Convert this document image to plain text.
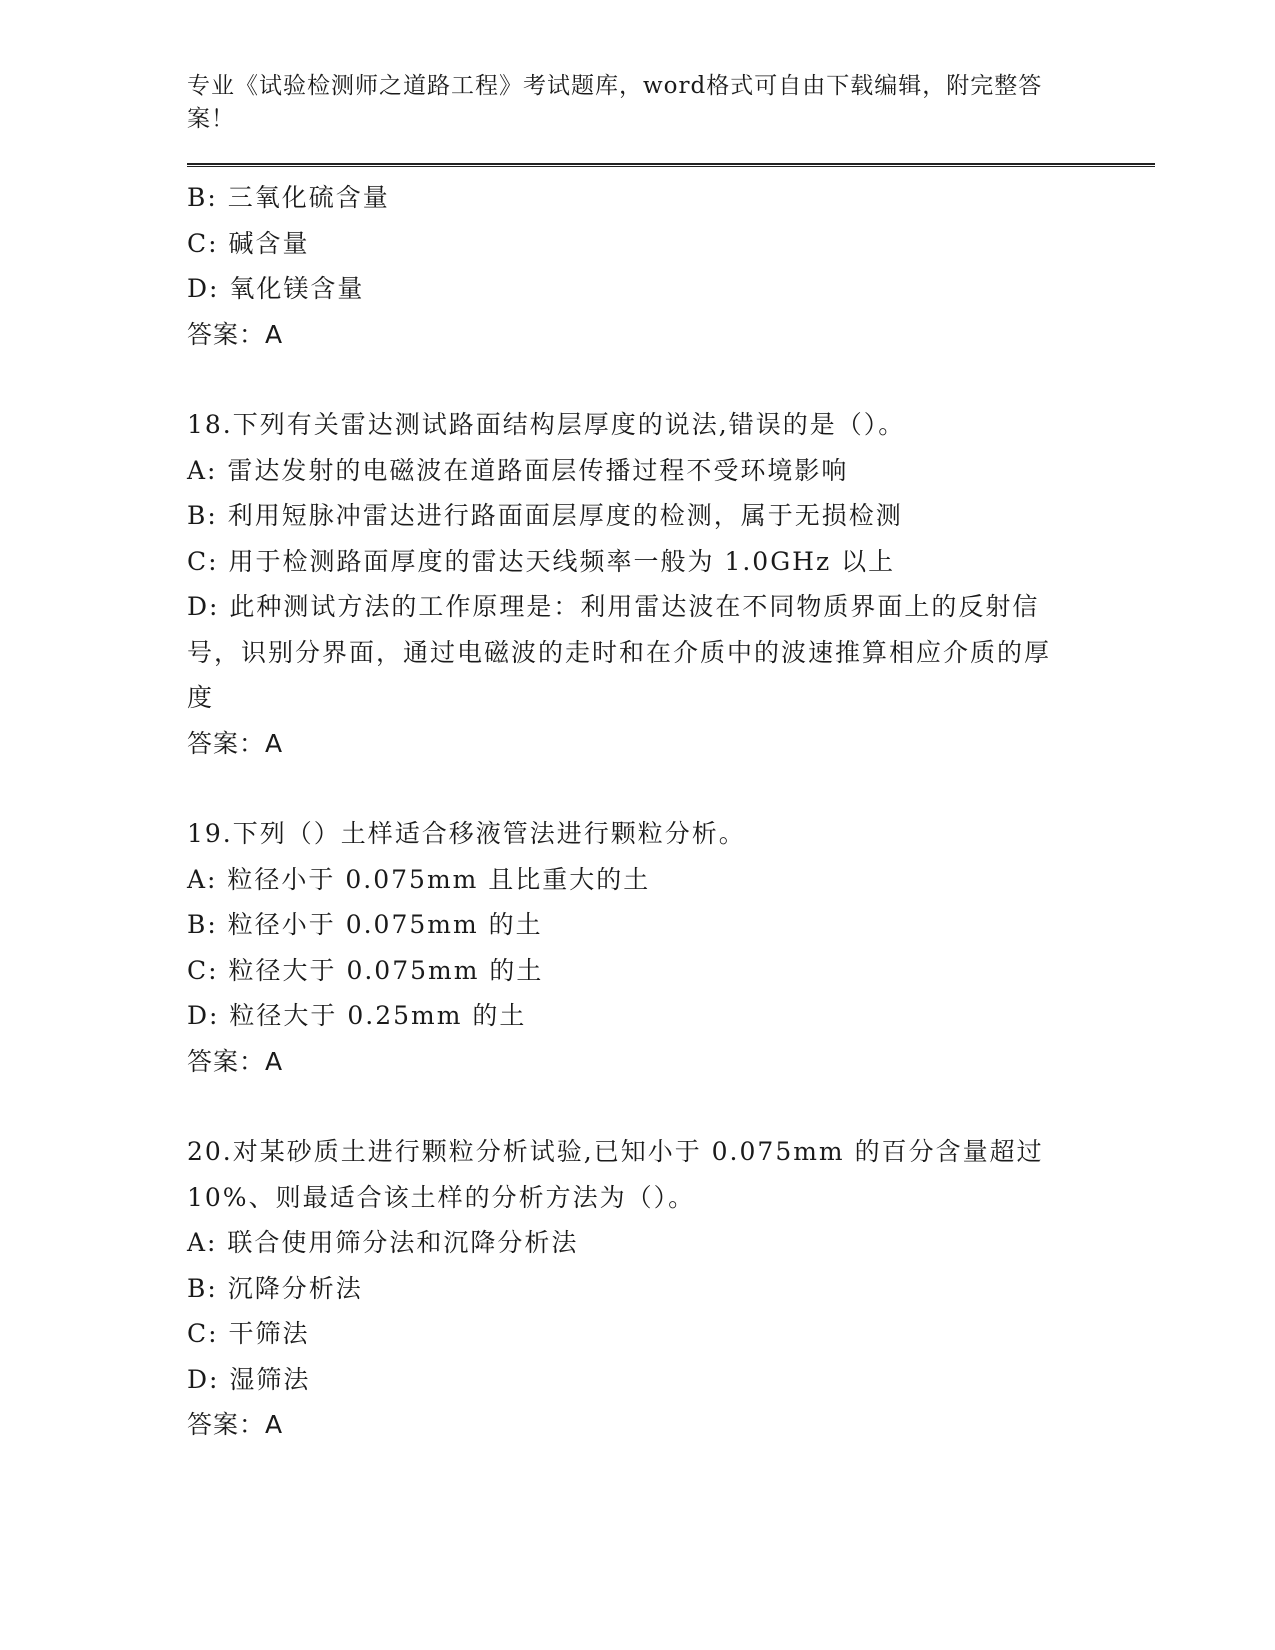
专业《试验检测师之道路工程》考试题库，word格式可自由下载编辑，附完整答案！

B: 三氧化硫含量
C: 碱含量
D: 氧化镁含量
答案：A
18.下列有关雷达测试路面结构层厚度的说法,错误的是（）。
A: 雷达发射的电磁波在道路面层传播过程不受环境影响
B: 利用短脉冲雷达进行路面面层厚度的检测，属于无损检测
C: 用于检测路面厚度的雷达天线频率一般为 1.0GHz 以上
D: 此种测试方法的工作原理是：利用雷达波在不同物质界面上的反射信号，识别分界面，通过电磁波的走时和在介质中的波速推算相应介质的厚度
答案：A
19.下列（）土样适合移液管法进行颗粒分析。
A: 粒径小于 0.075mm 且比重大的土
B: 粒径小于 0.075mm 的土
C: 粒径大于 0.075mm 的土
D: 粒径大于 0.25mm 的土
答案：A
20.对某砂质土进行颗粒分析试验,已知小于 0.075mm 的百分含量超过 10%、则最适合该土样的分析方法为（）。
A: 联合使用筛分法和沉降分析法
B: 沉降分析法
C: 干筛法
D: 湿筛法
答案：A
